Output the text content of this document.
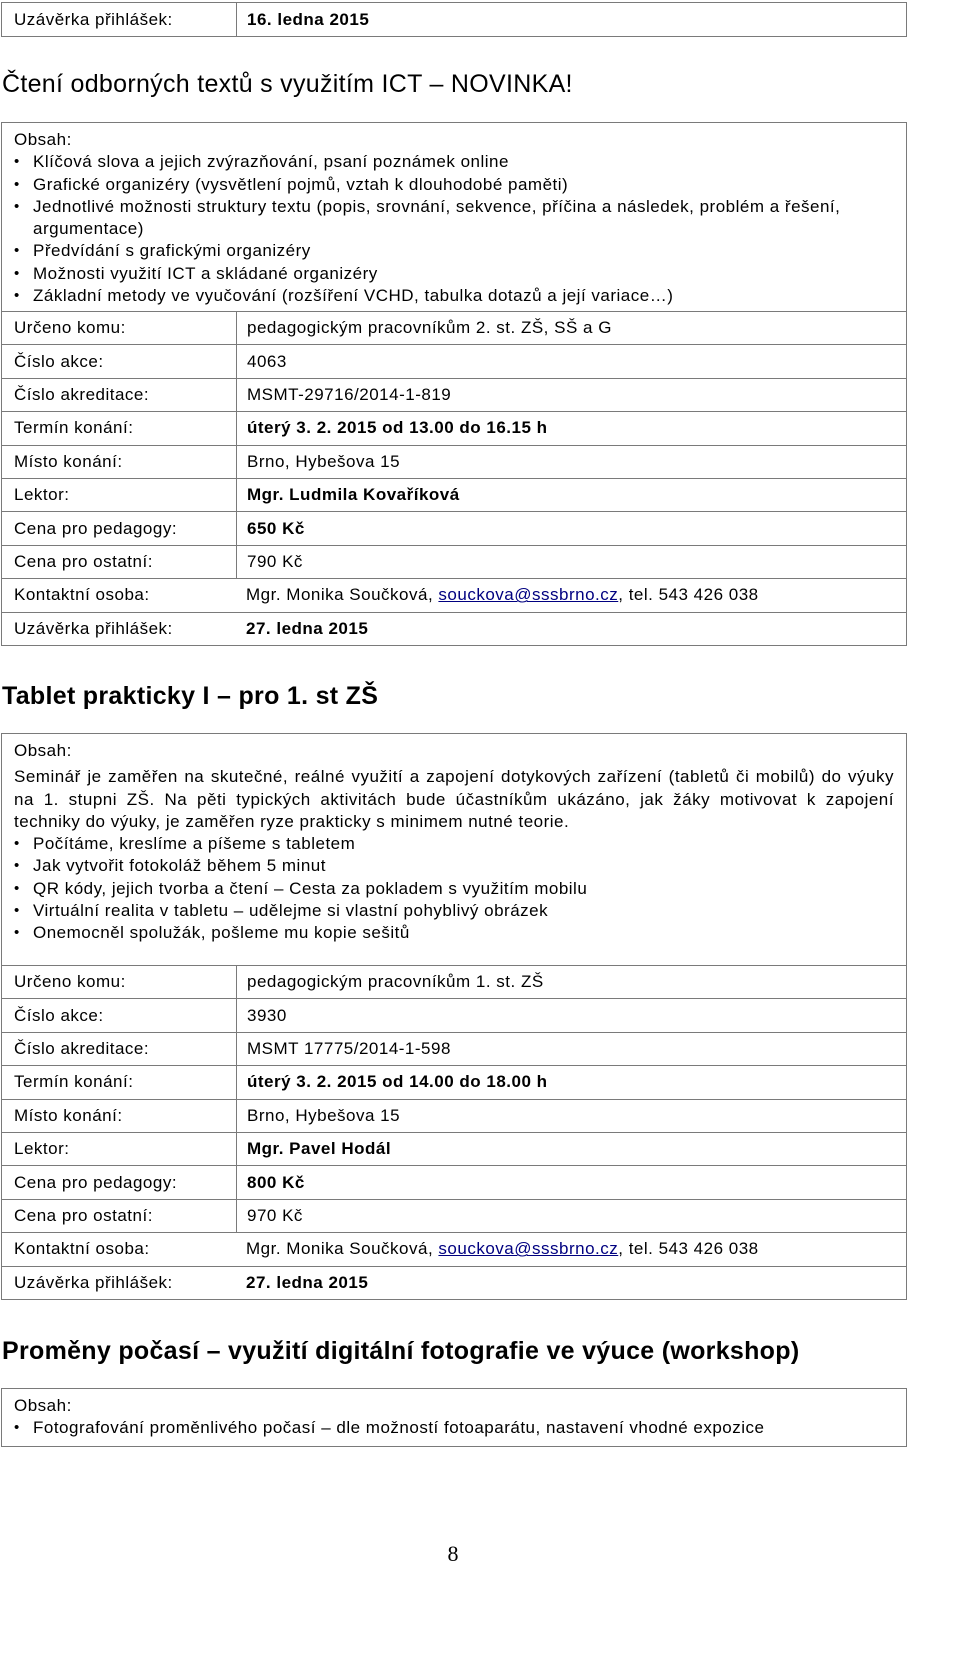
Uzávěrka přihlášek:	16. ledna 2015
Čtení odborných textů s využitím ICT – NOVINKA!
Obsah:
• Klíčová slova a jejich zvýrazňování, psaní poznámek online
• Grafické organizéry (vysvětlení pojmů, vztah k dlouhodobé paměti)
• Jednotlivé možnosti struktury textu (popis, srovnání, sekvence, příčina a následek, problém a řešení, argumentace)
• Předvídání s grafickými organizéry
• Možnosti využití ICT a skládané organizéry
• Základní metody ve vyučování (rozšíření VCHD, tabulka dotazů a její variace…)
Určeno komu:	pedagogickým pracovníkům 2. st. ZŠ, SŠ a G
Číslo akce:	4063
Číslo akreditace:	MSMT-29716/2014-1-819
Termín konání:	úterý 3. 2. 2015 od 13.00 do 16.15 h
Místo konání:	Brno, Hybešova 15
Lektor:	Mgr. Ludmila Kovaříková
Cena pro pedagogy:	650 Kč
Cena pro ostatní:	790 Kč
Kontaktní osoba:	Mgr. Monika Součková, souckova@sssbrno.cz, tel. 543 426 038
Uzávěrka přihlášek:	27. ledna 2015
Tablet prakticky I – pro 1. st ZŠ
Obsah:
Seminář je zaměřen na skutečné, reálné využití a zapojení dotykových zařízení (tabletů či mobilů) do výuky na 1. stupni ZŠ. Na pěti typických aktivitách bude účastníkům ukázáno, jak žáky motivovat k zapojení techniky do výuky, je zaměřen ryze prakticky s minimem nutné teorie.
• Počítáme, kreslíme a píšeme s tabletem
• Jak vytvořit fotokoláž během 5 minut
• QR kódy, jejich tvorba a čtení – Cesta za pokladem s využitím mobilu
• Virtuální realita v tabletu – udělejme si vlastní pohyblivý obrázek
• Onemocněl spolužák, pošleme mu kopie sešitů
Určeno komu:	pedagogickým pracovníkům 1. st. ZŠ
Číslo akce:	3930
Číslo akreditace:	MSMT 17775/2014-1-598
Termín konání:	úterý 3. 2. 2015 od 14.00 do 18.00 h
Místo konání:	Brno, Hybešova 15
Lektor:	Mgr. Pavel Hodál
Cena pro pedagogy:	800 Kč
Cena pro ostatní:	970 Kč
Kontaktní osoba:	Mgr. Monika Součková, souckova@sssbrno.cz, tel. 543 426 038
Uzávěrka přihlášek:	27. ledna 2015
Proměny počasí – využití digitální fotografie ve výuce (workshop)
Obsah:
• Fotografování proměnlivého počasí – dle možností fotoaparátu, nastavení vhodné expozice
8
